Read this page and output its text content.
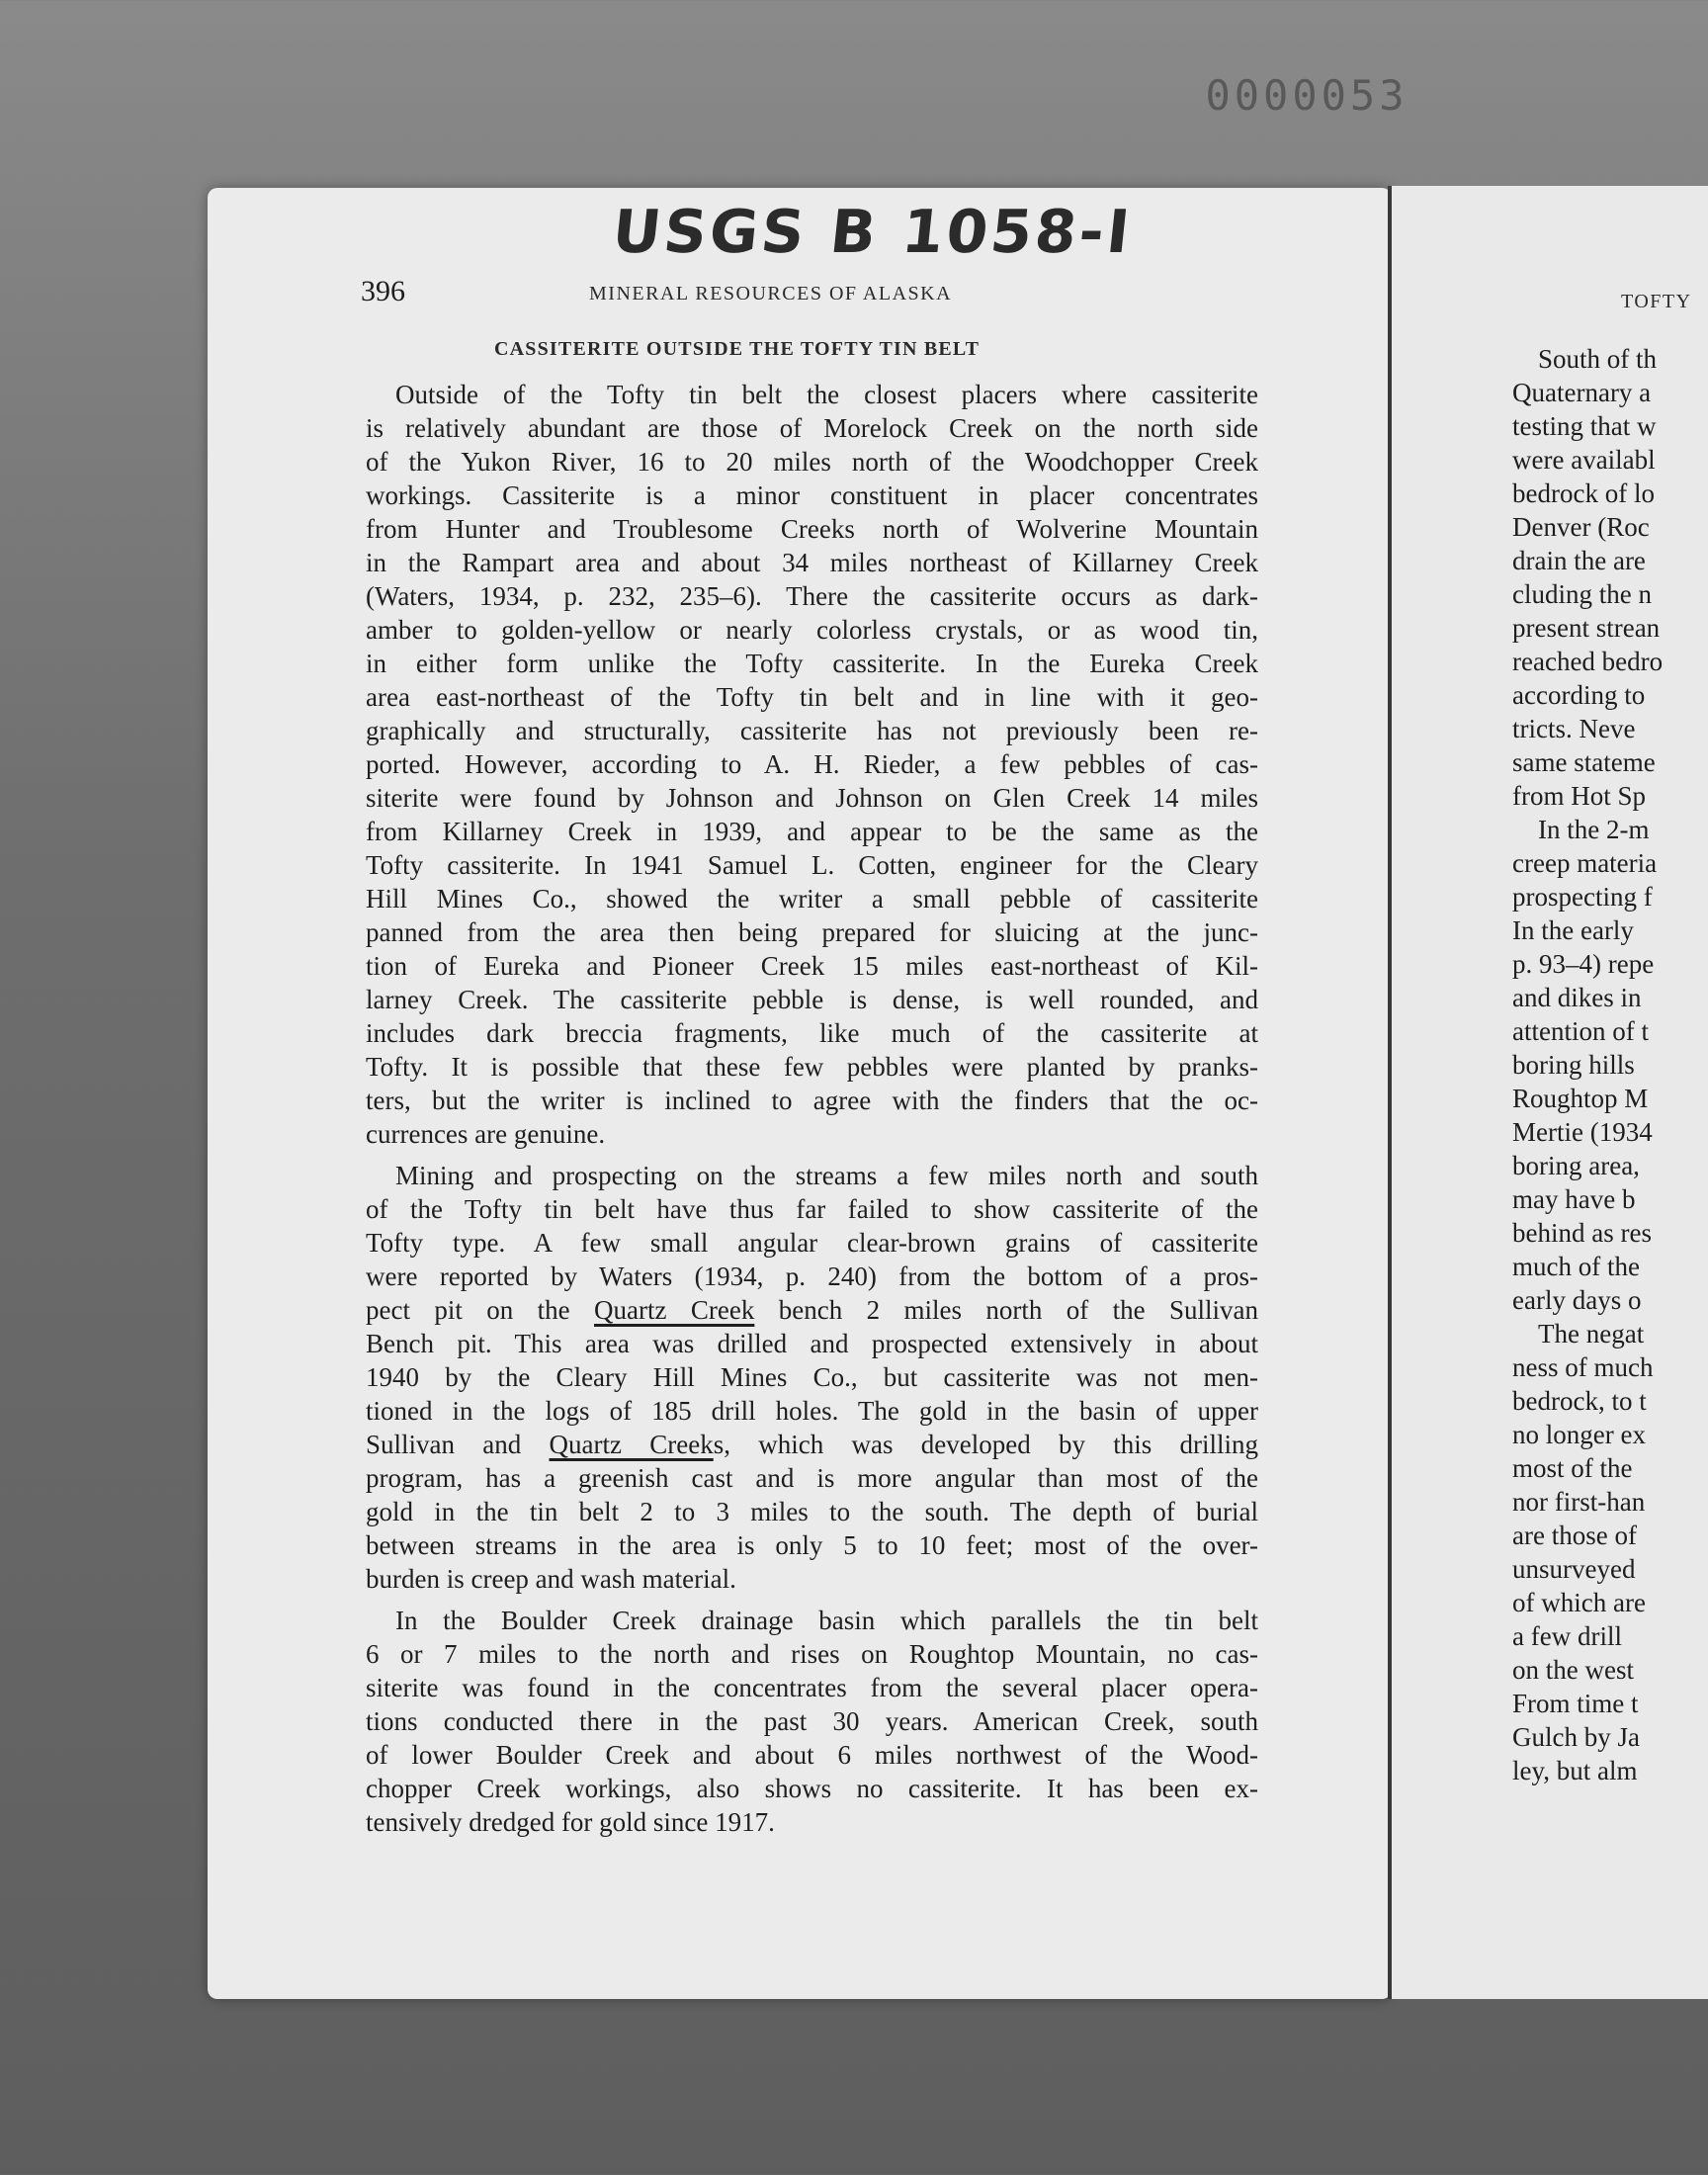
0000053
USGS B 1058-I
396	MINERAL RESOURCES OF ALASKA
CASSITERITE OUTSIDE THE TOFTY TIN BELT
Outside of the Tofty tin belt the closest placers where cassiterite
is relatively abundant are those of Morelock Creek on the north side
of the Yukon River, 16 to 20 miles north of the Woodchopper Creek
workings. Cassiterite is a minor constituent in placer concentrates
from Hunter and Troublesome Creeks north of Wolverine Mountain
in the Rampart area and about 34 miles northeast of Killarney Creek
(Waters, 1934, p. 232, 235–6). There the cassiterite occurs as dark-
amber to golden-yellow or nearly colorless crystals, or as wood tin,
in either form unlike the Tofty cassiterite. In the Eureka Creek
area east-northeast of the Tofty tin belt and in line with it geo-
graphically and structurally, cassiterite has not previously been re-
ported. However, according to A. H. Rieder, a few pebbles of cas-
siterite were found by Johnson and Johnson on Glen Creek 14 miles
from Killarney Creek in 1939, and appear to be the same as the
Tofty cassiterite. In 1941 Samuel L. Cotten, engineer for the Cleary
Hill Mines Co., showed the writer a small pebble of cassiterite
panned from the area then being prepared for sluicing at the junc-
tion of Eureka and Pioneer Creek 15 miles east-northeast of Kil-
larney Creek. The cassiterite pebble is dense, is well rounded, and
includes dark breccia fragments, like much of the cassiterite at
Tofty. It is possible that these few pebbles were planted by pranks-
ters, but the writer is inclined to agree with the finders that the oc-
currences are genuine.
Mining and prospecting on the streams a few miles north and south
of the Tofty tin belt have thus far failed to show cassiterite of the
Tofty type. A few small angular clear-brown grains of cassiterite
were reported by Waters (1934, p. 240) from the bottom of a pros-
pect pit on the Quartz Creek bench 2 miles north of the Sullivan
Bench pit. This area was drilled and prospected extensively in about
1940 by the Cleary Hill Mines Co., but cassiterite was not men-
tioned in the logs of 185 drill holes. The gold in the basin of upper
Sullivan and Quartz Creeks, which was developed by this drilling
program, has a greenish cast and is more angular than most of the
gold in the tin belt 2 to 3 miles to the south. The depth of burial
between streams in the area is only 5 to 10 feet; most of the over-
burden is creep and wash material.
In the Boulder Creek drainage basin which parallels the tin belt
6 or 7 miles to the north and rises on Roughtop Mountain, no cas-
siterite was found in the concentrates from the several placer opera-
tions conducted there in the past 30 years. American Creek, south
of lower Boulder Creek and about 6 miles northwest of the Wood-
chopper Creek workings, also shows no cassiterite. It has been ex-
tensively dredged for gold since 1917.
TOFTY
South of th
Quaternary a
testing that w
were availabl
bedrock of lo
Denver (Roc
drain the are
cluding the n
present strean
reached bedro
according to
tricts. Neve
same stateme
from Hot Sp
In the 2-m
creep materia
prospecting f
In the early
p. 93–4) repe
and dikes in
attention of t
boring hills
Roughtop M
Mertie (1934
boring area,
may have b
behind as res
much of the
early days o
The negat
ness of much
bedrock, to t
no longer ex
most of the
nor first-han
are those of
unsurveyed
of which are
a few drill
on the west
From time t
Gulch by Ja
ley, but alm
